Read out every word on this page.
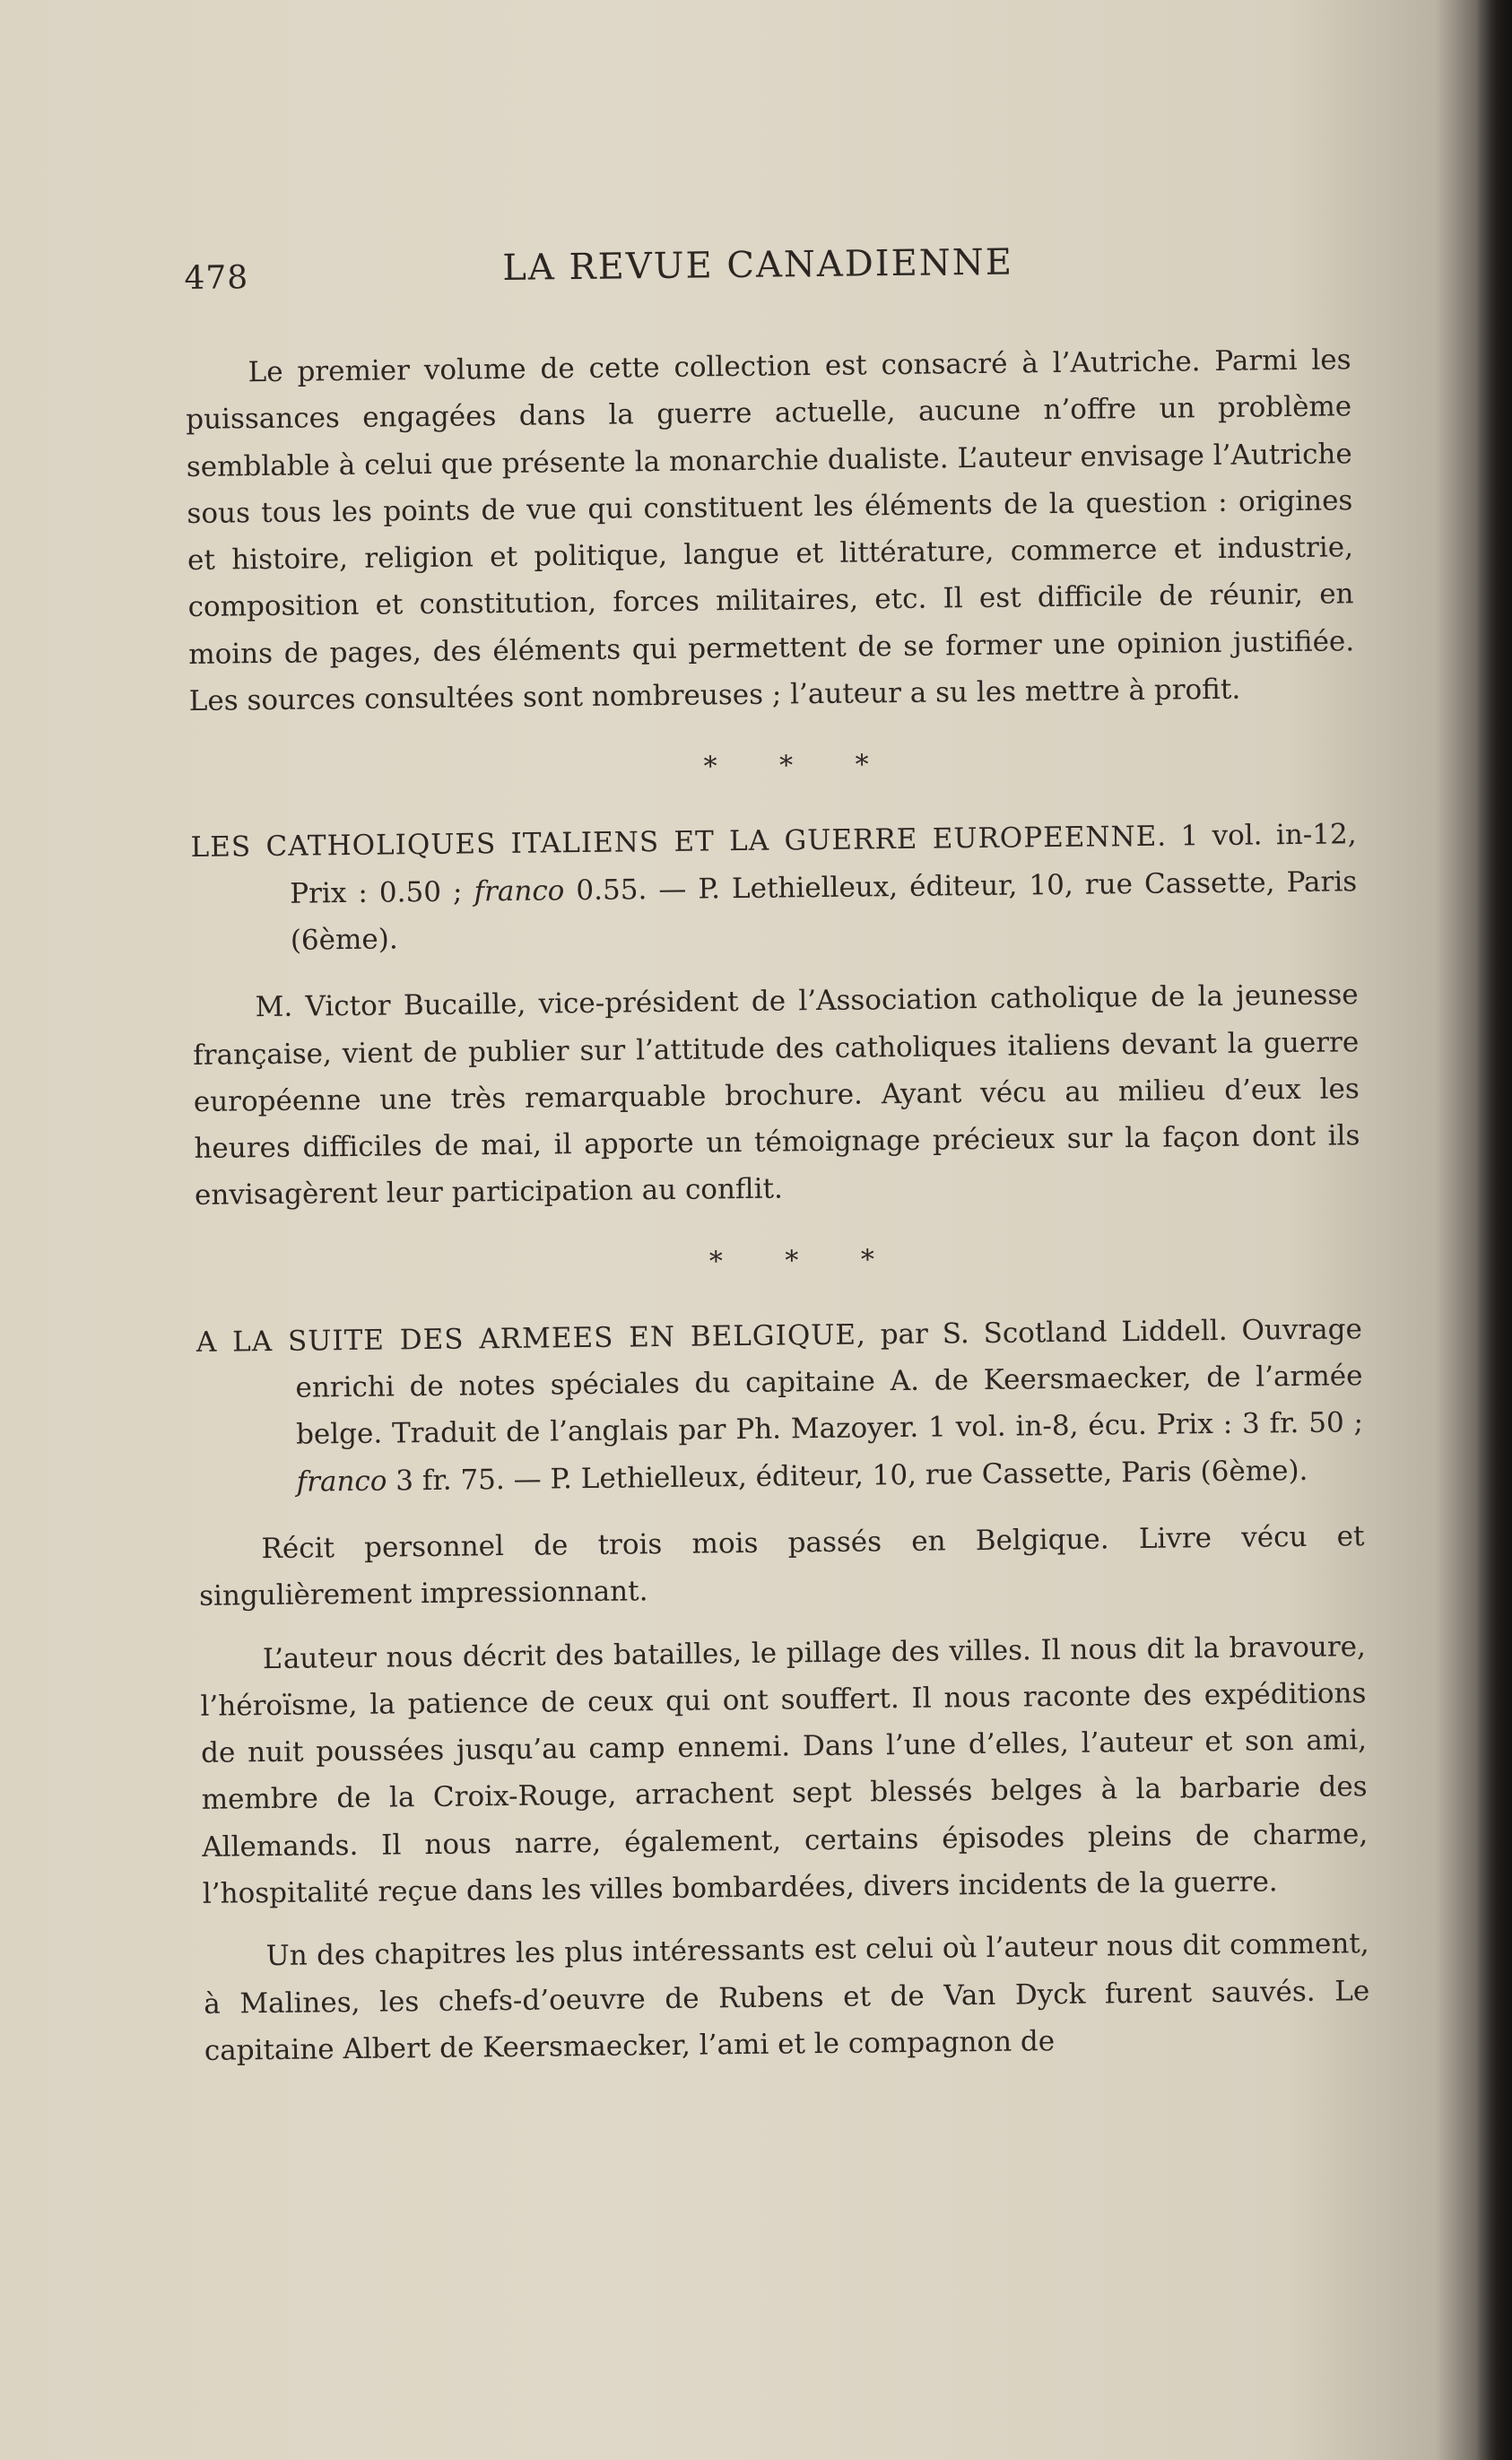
478	LA REVUE CANADIENNE

Le premier volume de cette collection est consacré à l’Autriche. Parmi les puissances engagées dans la guerre actuelle, aucune n’offre un problème semblable à celui que présente la monarchie dualiste. L’auteur envisage l’Autriche sous tous les points de vue qui constituent les éléments de la question : origines et histoire, religion et politique, langue et littérature, commerce et industrie, composition et constitution, forces militaires, etc. Il est difficile de réunir, en moins de pages, des éléments qui permettent de se former une opinion justifiée. Les sources consultées sont nombreuses ; l’auteur a su les mettre à profit.

* * *
LES CATHOLIQUES ITALIENS ET LA GUERRE EUROPEENNE. 1 vol. in-12, Prix : 0.50 ; franco 0.55. — P. Lethielleux, éditeur, 10, rue Cassette, Paris (6ème).

M. Victor Bucaille, vice-président de l’Association catholique de la jeunesse française, vient de publier sur l’attitude des catholiques italiens devant la guerre européenne une très remarquable brochure. Ayant vécu au milieu d’eux les heures difficiles de mai, il apporte un témoignage précieux sur la façon dont ils envisagèrent leur participation au conflit.

* * *
A LA SUITE DES ARMEES EN BELGIQUE, par S. Scotland Liddell. Ouvrage enrichi de notes spéciales du capitaine A. de Keersmaecker, de l’armée belge. Traduit de l’anglais par Ph. Mazoyer. 1 vol. in-8, écu. Prix : 3 fr. 50 ; franco 3 fr. 75. — P. Lethielleux, éditeur, 10, rue Cassette, Paris (6ème).

Récit personnel de trois mois passés en Belgique. Livre vécu et singulièrement impressionnant.

L’auteur nous décrit des batailles, le pillage des villes. Il nous dit la bravoure, l’héroïsme, la patience de ceux qui ont souffert. Il nous raconte des expéditions de nuit poussées jusqu’au camp ennemi. Dans l’une d’elles, l’auteur et son ami, membre de la Croix-Rouge, arrachent sept blessés belges à la barbarie des Allemands. Il nous narre, également, certains épisodes pleins de charme, l’hospitalité reçue dans les villes bombardées, divers incidents de la guerre.

Un des chapitres les plus intéressants est celui où l’auteur nous dit comment, à Malines, les chefs-d’oeuvre de Rubens et de Van Dyck furent sauvés. Le capitaine Albert de Keersmaecker, l’ami et le compagnon de
